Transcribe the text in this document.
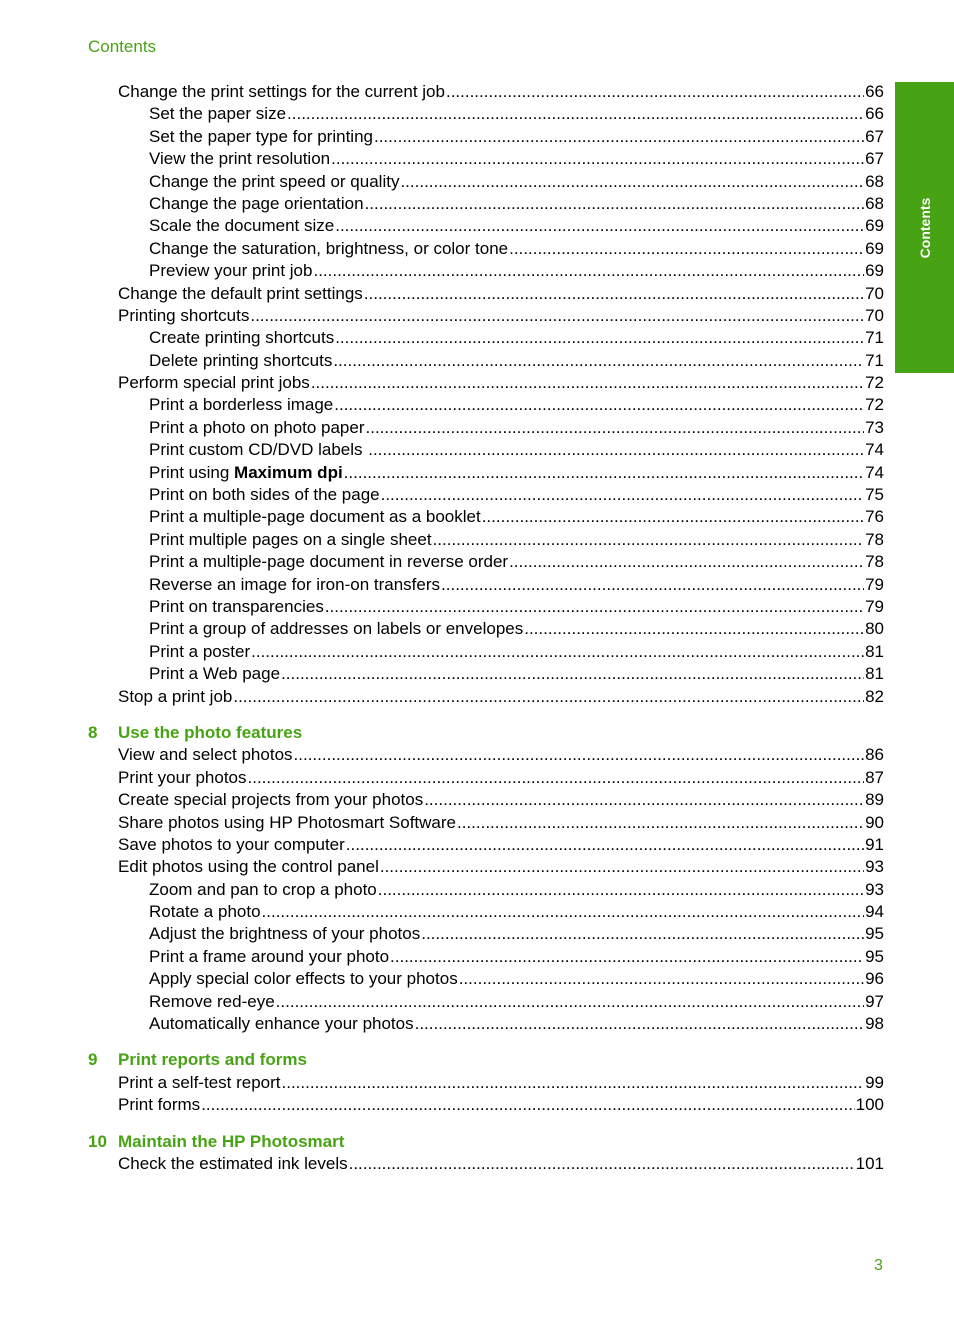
Contents
Contents
Change the print settings for the current job .....	66
Set the paper size .....	66
Set the paper type for printing .....	67
View the print resolution .....	67
Change the print speed or quality .....	68
Change the page orientation .....	68
Scale the document size .....	69
Change the saturation, brightness, or color tone .....	69
Preview your print job .....	69
Change the default print settings .....	70
Printing shortcuts .....	70
Create printing shortcuts .....	71
Delete printing shortcuts .....	71
Perform special print jobs .....	72
Print a borderless image .....	72
Print a photo on photo paper .....	73
Print custom CD/DVD labels .....	74
Print using Maximum dpi .....	74
Print on both sides of the page .....	75
Print a multiple-page document as a booklet .....	76
Print multiple pages on a single sheet .....	78
Print a multiple-page document in reverse order .....	78
Reverse an image for iron-on transfers .....	79
Print on transparencies .....	79
Print a group of addresses on labels or envelopes .....	80
Print a poster .....	81
Print a Web page .....	81
Stop a print job .....	82
8 Use the photo features
View and select photos .....	86
Print your photos .....	87
Create special projects from your photos .....	89
Share photos using HP Photosmart Software .....	90
Save photos to your computer .....	91
Edit photos using the control panel .....	93
Zoom and pan to crop a photo .....	93
Rotate a photo .....	94
Adjust the brightness of your photos .....	95
Print a frame around your photo .....	95
Apply special color effects to your photos .....	96
Remove red-eye .....	97
Automatically enhance your photos .....	98
9 Print reports and forms
Print a self-test report .....	99
Print forms .....	100
10 Maintain the HP Photosmart
Check the estimated ink levels .....	101
3
